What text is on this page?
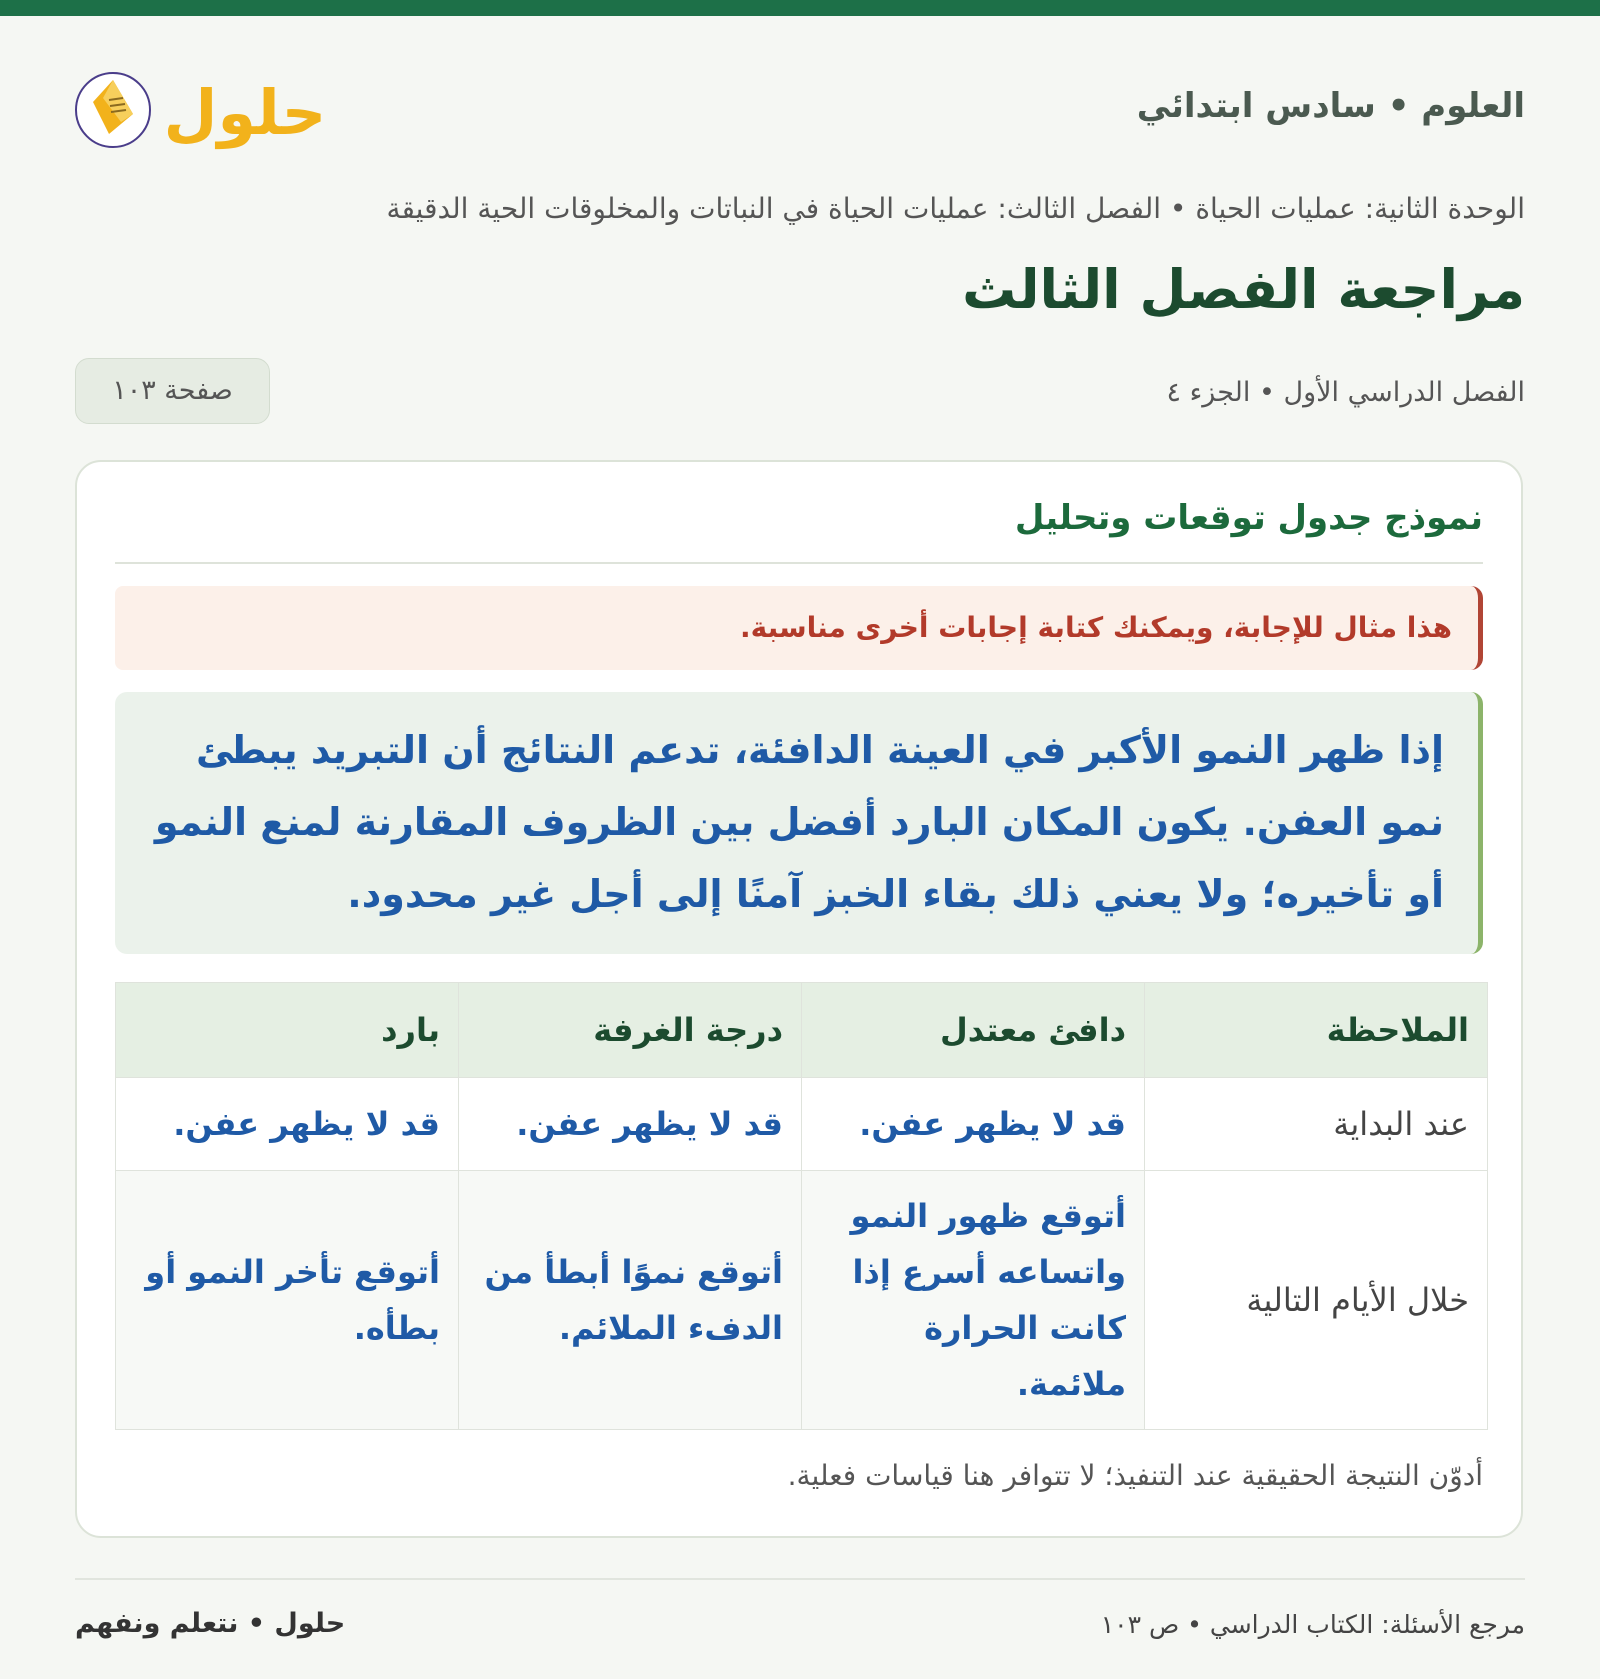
حلول	العلوم • سادس ابتدائي
الوحدة الثانية: عمليات الحياة • الفصل الثالث: عمليات الحياة في النباتات والمخلوقات الحية الدقيقة
مراجعة الفصل الثالث
الفصل الدراسي الأول • الجزء ٤
صفحة ١٠٣
نموذج جدول توقعات وتحليل
هذا مثال للإجابة، ويمكنك كتابة إجابات أخرى مناسبة.
إذا ظهر النمو الأكبر في العينة الدافئة، تدعم النتائج أن التبريد يبطئ نمو العفن. يكون المكان البارد أفضل بين الظروف المقارنة لمنع النمو أو تأخيره؛ ولا يعني ذلك بقاء الخبز آمنًا إلى أجل غير محدود.
الملاحظة	دافئ معتدل	درجة الغرفة	بارد
عند البداية	قد لا يظهر عفن.	قد لا يظهر عفن.	قد لا يظهر عفن.
خلال الأيام التالية	أتوقع ظهور النمو واتساعه أسرع إذا كانت الحرارة ملائمة.	أتوقع نموًا أبطأ من الدفء الملائم.	أتوقع تأخر النمو أو بطأه.
أدوّن النتيجة الحقيقية عند التنفيذ؛ لا تتوافر هنا قياسات فعلية.
مرجع الأسئلة: الكتاب الدراسي • ص ١٠٣
حلول • نتعلم ونفهم
